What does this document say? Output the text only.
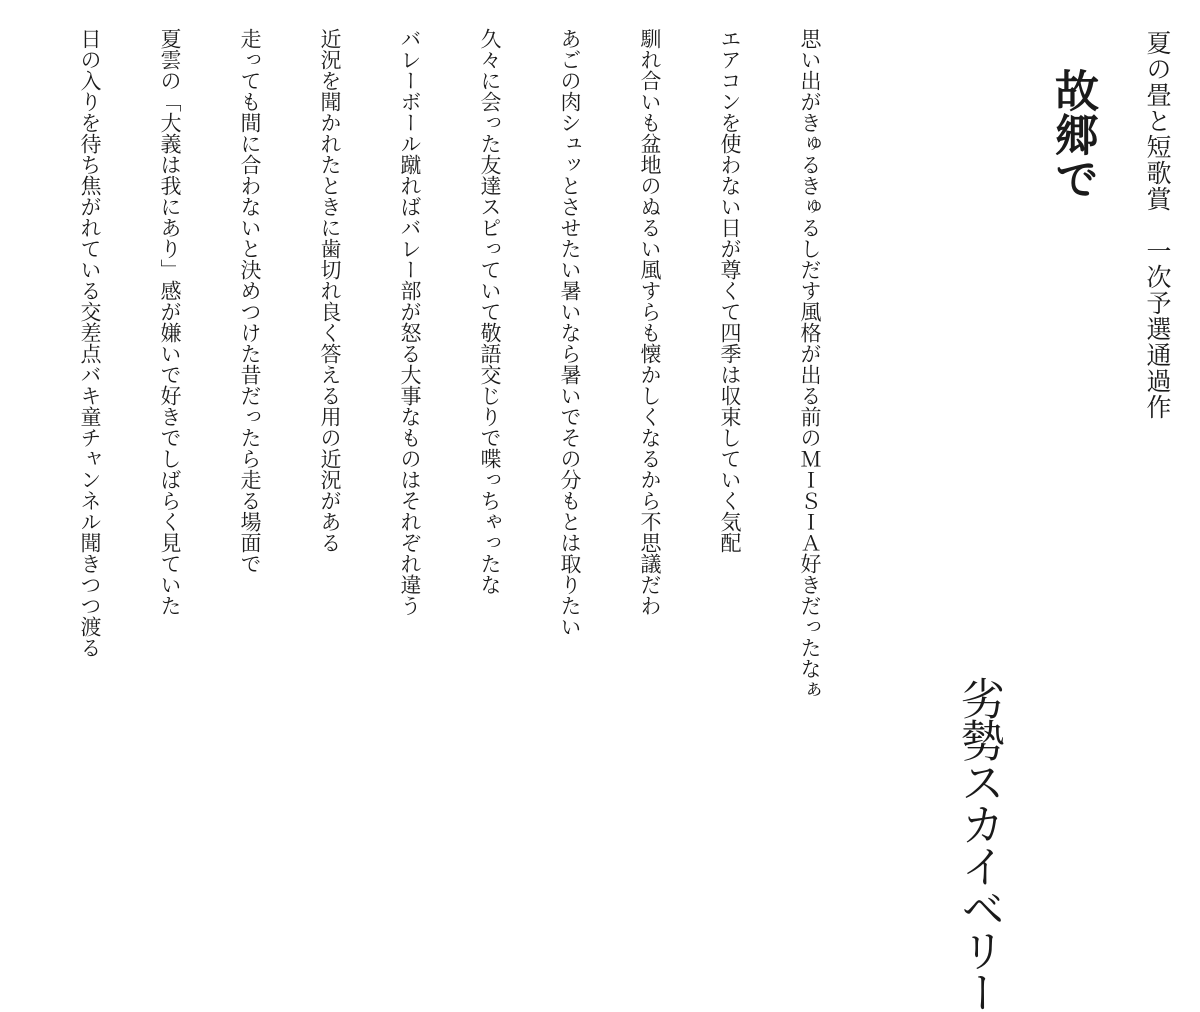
夏の畳と短歌賞　一次予選通過作
故郷で
劣勢スカイベリー
思い出がきゅるきゅるしだす風格が出る前のＭＩＳＩＡ好きだったなぁ
エアコンを使わない日が尊くて四季は収束していく気配
馴れ合いも盆地のぬるい風すらも懐かしくなるから不思議だわ
あごの肉シュッとさせたい暑いなら暑いでその分もとは取りたい
久々に会った友達スピっていて敬語交じりで喋っちゃったな
バレーボール蹴ればバレー部が怒る大事なものはそれぞれ違う
近況を聞かれたときに歯切れ良く答える用の近況がある
走っても間に合わないと決めつけた昔だったら走る場面で
夏雲の「大義は我にあり」感が嫌いで好きでしばらく見ていた
日の入りを待ち焦がれている交差点バキ童チャンネル聞きつつ渡る
